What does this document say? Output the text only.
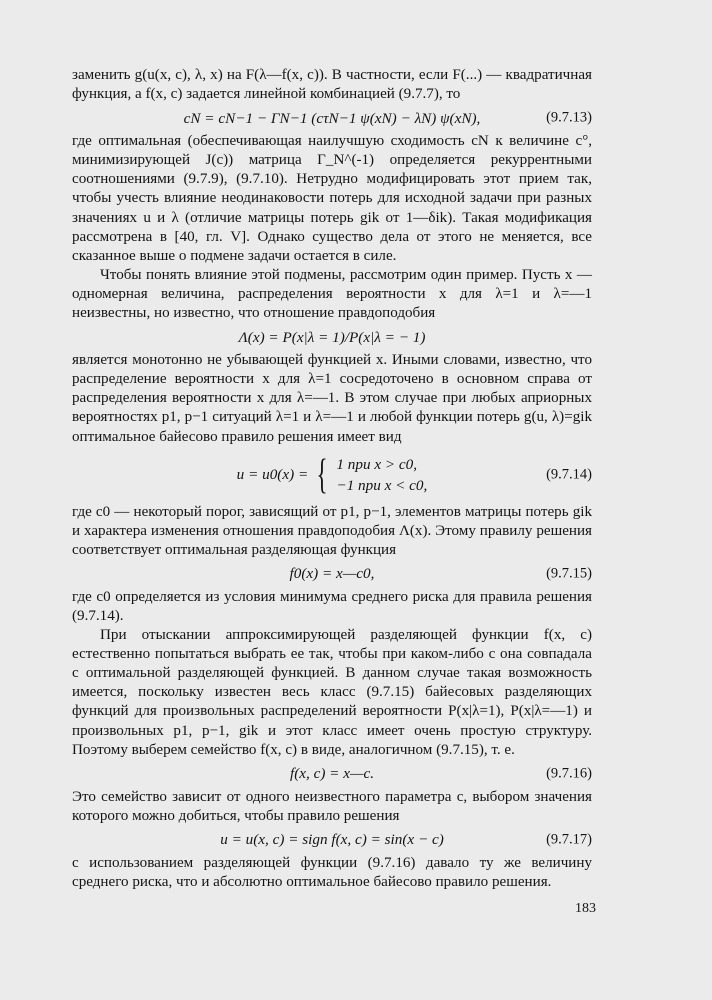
заменить g(u(x, c), λ, x) на F(λ—f(x, c)). В частности, если F(...) — квадратичная функция, а f(x, c) задается линейной комбинацией (9.7.7), то

cN = cN−1 − ΓN−1 (cτN−1 ψ(xN) − λN) ψ(xN),	(9.7.13)

где оптимальная (обеспечивающая наилучшую сходимость cN к величине c°, минимизирующей J(c)) матрица Γ_N^(-1) определяется рекуррентными соотношениями (9.7.9), (9.7.10). Нетрудно модифицировать этот прием так, чтобы учесть влияние неодинаковости потерь для исходной задачи при разных значениях u и λ (отличие матрицы потерь gik от 1—δik). Такая модификация рассмотрена в [40, гл. V]. Однако существо дела от этого не меняется, все сказанное выше о подмене задачи остается в силе.

Чтобы понять влияние этой подмены, рассмотрим один пример. Пусть x — одномерная величина, распределения вероятности x для λ=1 и λ=—1 неизвестны, но известно, что отношение правдоподобия

Λ(x) = P(x|λ = 1)/P(x|λ = − 1)

является монотонно не убывающей функцией x. Иными словами, известно, что распределение вероятности x для λ=1 сосредоточено в основном справа от распределения вероятности x для λ=—1. В этом случае при любых априорных вероятностях p1, p−1 ситуаций λ=1 и λ=—1 и любой функции потерь g(u, λ)=gik оптимальное байесово правило решения имеет вид

u = u0(x) = { 1 при x > c0,
−1 при x < c0,
(9.7.14)

где c0 — некоторый порог, зависящий от p1, p−1, элементов матрицы потерь gik и характера изменения отношения правдоподобия Λ(x). Этому правилу решения соответствует оптимальная разделяющая функция

f0(x) = x—c0,	(9.7.15)

где c0 определяется из условия минимума среднего риска для правила решения (9.7.14).

При отыскании аппроксимирующей разделяющей функции f(x, c) естественно попытаться выбрать ее так, чтобы при каком-либо c она совпадала с оптимальной разделяющей функцией. В данном случае такая возможность имеется, поскольку известен весь класс (9.7.15) байесовых разделяющих функций для произвольных распределений вероятности P(x|λ=1), P(x|λ=—1) и произвольных p1, p−1, gik и этот класс имеет очень простую структуру. Поэтому выберем семейство f(x, c) в виде, аналогичном (9.7.15), т. е.

f(x, c) = x—c.	(9.7.16)

Это семейство зависит от одного неизвестного параметра c, выбором значения которого можно добиться, чтобы правило решения

u = u(x, c) = sign f(x, c) = sin(x − c)	(9.7.17)

с использованием разделяющей функции (9.7.16) давало ту же величину среднего риска, что и абсолютно оптимальное байесово правило решения.

183
